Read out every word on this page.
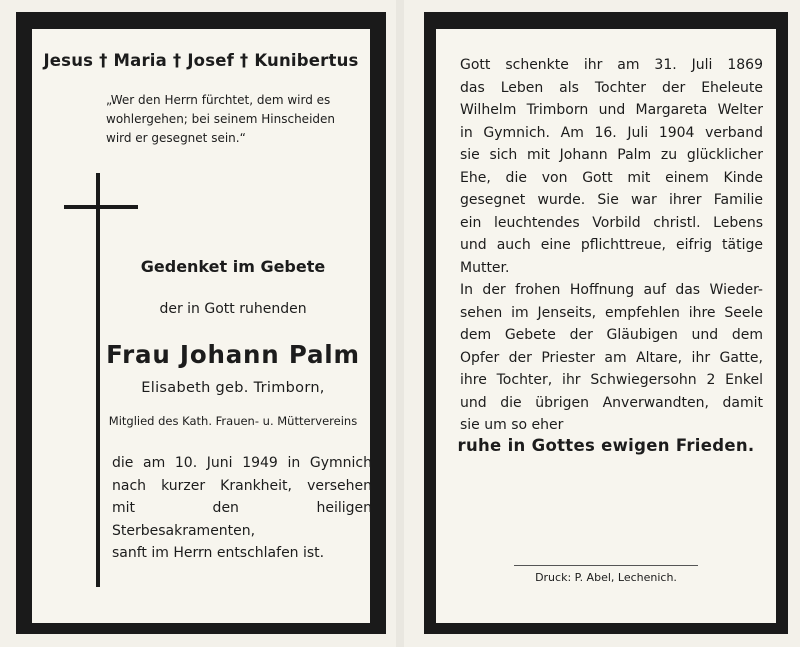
Jesus † Maria † Josef † Kunibertus
„Wer den Herrn fürchtet, dem wird es
wohlergehen; bei seinem Hinscheiden
wird er gesegnet sein.“
Gedenket im Gebete
der in Gott ruhenden
Frau Johann Palm
Elisabeth geb. Trimborn,
Mitglied des Kath. Frauen- u. Müttervereins
die am 10. Juni 1949 in Gymnich
nach kurzer Krankheit, versehen
mit den heiligen Sterbesakramenten,
sanft im Herrn entschlafen ist.
Gott schenkte ihr am 31. Juli 1869
das Leben als Tochter der Eheleute
Wilhelm Trimborn und Margareta Welter
in Gymnich. Am 16. Juli 1904 verband
sie sich mit Johann Palm zu glücklicher
Ehe, die von Gott mit einem Kinde
gesegnet wurde. Sie war ihrer Familie
ein leuchtendes Vorbild christl. Lebens
und auch eine pflichttreue, eifrig tätige
Mutter.
In der frohen Hoffnung auf das Wieder-
sehen im Jenseits, empfehlen ihre Seele
dem Gebete der Gläubigen und dem
Opfer der Priester am Altare, ihr Gatte,
ihre Tochter, ihr Schwiegersohn 2 Enkel
und die übrigen Anverwandten, damit
sie um so eher
ruhe in Gottes ewigen Frieden.
Druck: P. Abel, Lechenich.
